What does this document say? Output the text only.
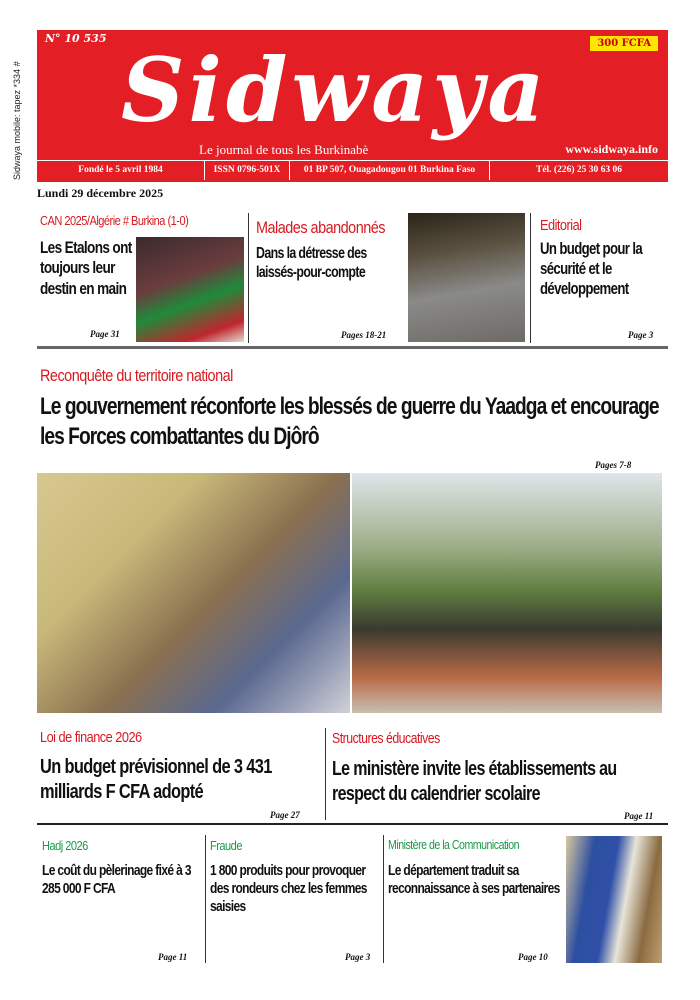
Sidwaya mobile: tapez *334 #
N° 10 535	300 FCFA
Sidwaya
Le journal de tous les Burkinabè	www.sidwaya.info
Fondé le 5 avril 1984	ISSN 0796-501X	01 BP 507, Ouagadougou 01 Burkina Faso	Tél. (226) 25 30 63 06
Lundi 29 décembre 2025
CAN 2025/Algérie # Burkina (1-0)
Les Etalons ont toujours leur destin en main
Page 31
Malades abandonnés
Dans la détresse des laissés-pour-compte
Pages 18-21
Editorial
Un budget pour la sécurité et le développement
Page 3
Reconquête du territoire national
Le gouvernement réconforte les blessés de guerre du Yaadga et encourage les Forces combattantes du Djôrô
Pages 7-8
Loi de finance 2026
Un budget prévisionnel de 3 431 milliards F CFA adopté
Page 27
Structures éducatives
Le ministère invite les établissements au respect du calendrier scolaire
Page 11
Hadj 2026
Le coût du pèlerinage fixé à 3 285 000 F CFA
Page 11
Fraude
1 800 produits pour provoquer des rondeurs chez les femmes saisies
Page 3
Ministère de la Communication
Le département traduit sa reconnaissance à ses partenaires
Page 10
